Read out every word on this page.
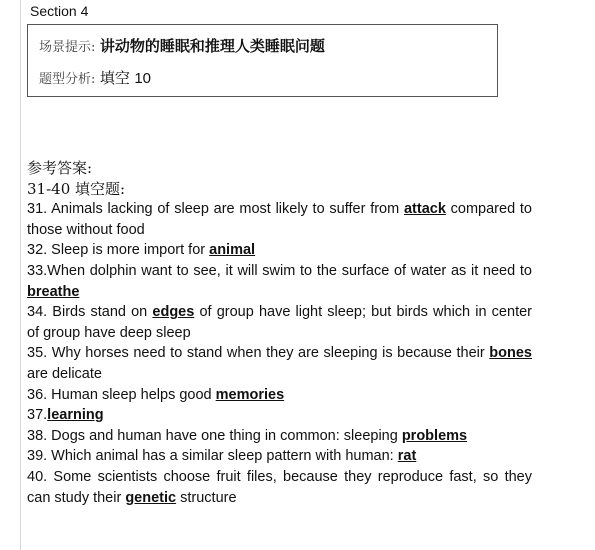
Section 4
场景提示: 讲动物的睡眠和推理人类睡眠问题
题型分析: 填空 10
参考答案:
31-40 填空题:
31. Animals lacking of sleep are most likely to suffer from attack compared to those without food
32. Sleep is more import for animal
33.When dolphin want to see, it will swim to the surface of water as it need to breathe
34. Birds stand on edges of group have light sleep; but birds which in center of group have deep sleep
35. Why horses need to stand when they are sleeping is because their bones are delicate
36. Human sleep helps good memories
37.learning
38. Dogs and human have one thing in common: sleeping problems
39. Which animal has a similar sleep pattern with human: rat
40. Some scientists choose fruit files, because they reproduce fast, so they can study their genetic structure
